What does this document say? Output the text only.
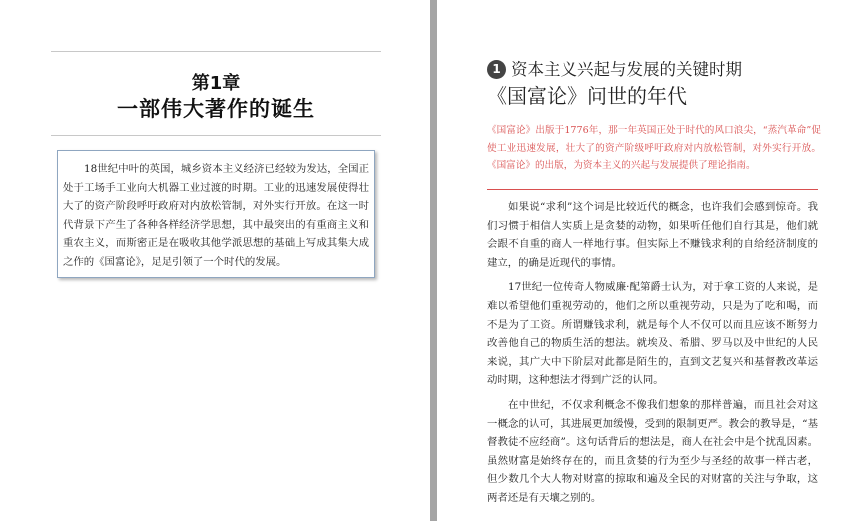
第1章
一部伟大著作的诞生

18世纪中叶的英国，城乡资本主义经济已经较为发达，全国正处于工场手工业向大机器工业过渡的时期。工业的迅速发展使得壮大了的资产阶段呼吁政府对内放松管制，对外实行开放。在这一时代背景下产生了各种各样经济学思想，其中最突出的有重商主义和重农主义，而斯密正是在吸收其他学派思想的基础上写成其集大成之作的《国富论》，足足引领了一个时代的发展。

1 资本主义兴起与发展的关键时期
《国富论》问世的年代
《国富论》出版于1776年，那一年英国正处于时代的风口浪尖，“蒸汽革命”促使工业迅速发展，壮大了的资产阶级呼吁政府对内放松管制，对外实行开放。《国富论》的出版，为资本主义的兴起与发展提供了理论指南。

如果说“求利”这个词是比较近代的概念，也许我们会感到惊奇。我们习惯于相信人实质上是贪婪的动物，如果听任他们自行其是，他们就会跟不自重的商人一样地行事。但实际上不赚钱求利的自给经济制度的建立，的确是近现代的事情。

17世纪一位传奇人物威廉·配第爵士认为，对于拿工资的人来说，是难以希望他们重视劳动的，他们之所以重视劳动，只是为了吃和喝，而不是为了工资。所谓赚钱求利，就是每个人不仅可以而且应该不断努力改善他自己的物质生活的想法。就埃及、希腊、罗马以及中世纪的人民来说，其广大中下阶层对此都是陌生的，直到文艺复兴和基督教改革运动时期，这种想法才得到广泛的认同。

在中世纪，不仅求利概念不像我们想象的那样普遍，而且社会对这一概念的认可，其进展更加缓慢，受到的限制更严。教会的教导是，“基督教徒不应经商”。这句话背后的想法是，商人在社会中是个扰乱因素。虽然财富是始终存在的，而且贪婪的行为至少与圣经的故事一样古老，但少数几个大人物对财富的掠取和遍及全民的对财富的关注与争取，这两者还是有天壤之别的。
